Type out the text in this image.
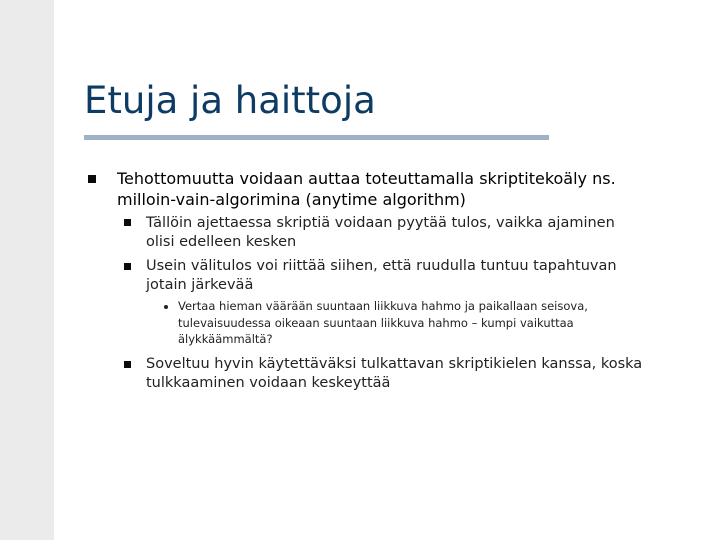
Etuja ja haittoja

Tehottomuutta voidaan auttaa toteuttamalla skriptitekoäly ns.

milloin-vain-algorimina (anytime algorithm)

Tällöin ajettaessa skriptiä voidaan pyytää tulos, vaikka ajaminen

olisi edelleen kesken

Usein välitulos voi riittää siihen, että ruudulla tuntuu tapahtuvan

jotain järkevää

Vertaa hieman väärään suuntaan liikkuva hahmo ja paikallaan seisova,

tulevaisuudessa oikeaan suuntaan liikkuva hahmo – kumpi vaikuttaa

älykkäämmältä?

Soveltuu hyvin käytettäväksi tulkattavan skriptikielen kanssa, koska

tulkkaaminen voidaan keskeyttää
